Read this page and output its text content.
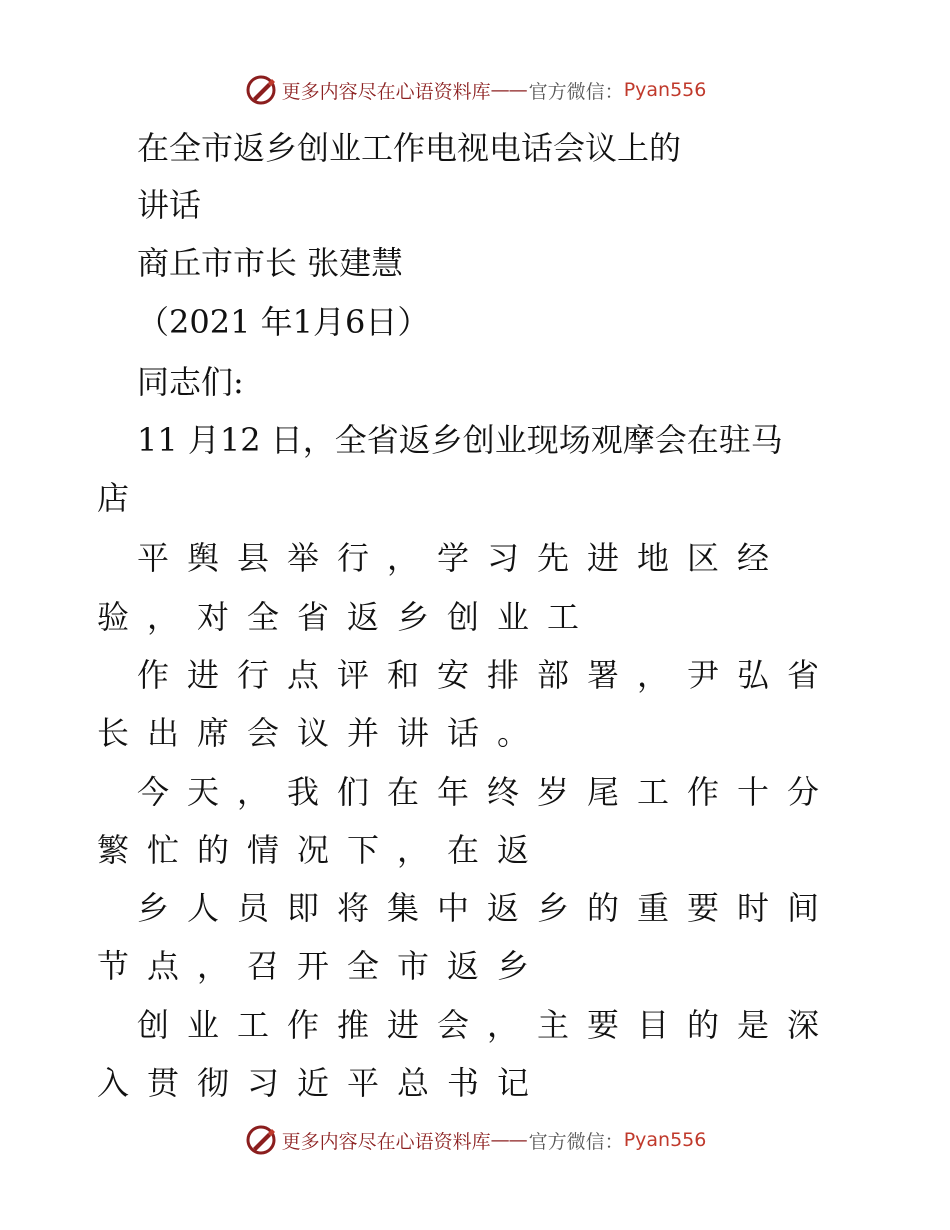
更多内容尽在心语资料库 —— 官方微信： Pyan556
在全市返乡创业工作电视电话会议上的
讲话
商丘市市长 张建慧
（2021 年1月6日）
同志们:
11 月12 日，全省返乡创业现场观摩会在驻马
店
平舆县举行，学习先进地区经
验，对全省返乡创业工
作进行点评和安排部署，尹弘省
长出席会议并讲话。
今天，我们在年终岁尾工作十分
繁忙的情况下，在返
乡人员即将集中返乡的重要时间
节点，召开全市返乡
创业工作推进会，主要目的是深
入贯彻习近平总书记
更多内容尽在心语资料库 —— 官方微信： Pyan556
